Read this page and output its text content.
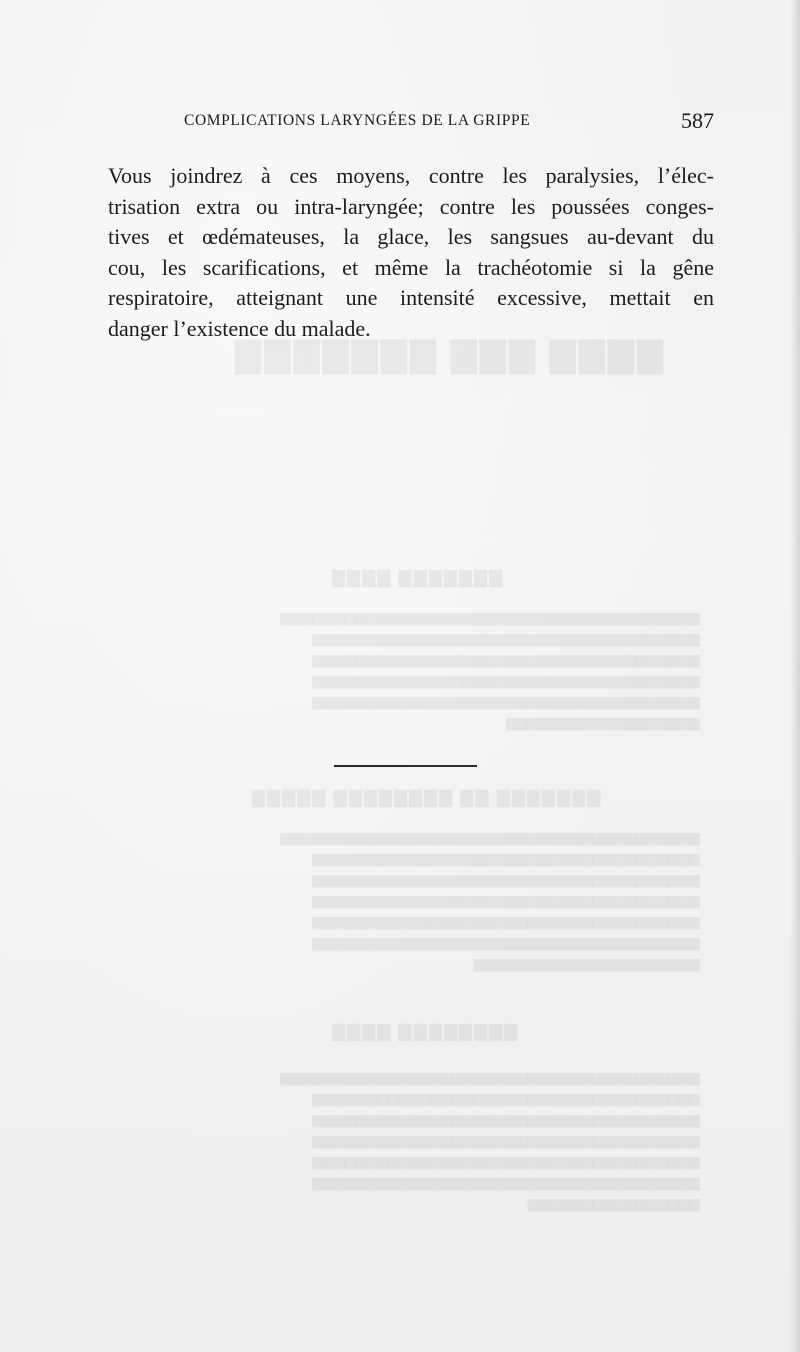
▇▇▇▇ ▇▇▇ ▇▇▇▇▇▇▇
▇▇▇▇▇▇▇ ▇▇▇▇
▆▆▆▆▆▆▆▆▆▆▆▆▆▆▆▆▆▆▆▆▆▆▆▆▆▆▆▆▆▆▆▆▆▆▆▆▆▆▆
▆▆▆▆▆▆▆▆▆▆▆▆▆▆▆▆▆▆▆▆▆▆▆▆▆▆▆▆▆▆▆▆▆▆▆▆
▆▆▆▆▆▆▆▆▆▆▆▆▆▆▆▆▆▆▆▆▆▆▆▆▆▆▆▆▆▆▆▆▆▆▆▆
▆▆▆▆▆▆▆▆▆▆▆▆▆▆▆▆▆▆▆▆▆▆▆▆▆▆▆▆▆▆▆▆▆▆▆▆
▆▆▆▆▆▆▆▆▆▆▆▆▆▆▆▆▆▆▆▆▆▆▆▆▆▆▆▆▆▆▆▆▆▆▆▆
▆▆▆▆▆▆▆▆▆▆▆▆▆▆▆▆▆▆
▇▇▇▇▇▇▇ ▇▇ ▇▇▇▇▇▇▇▇ ▇▇▇▇▇
▆▆▆▆▆▆▆▆▆▆▆▆▆▆▆▆▆▆▆▆▆▆▆▆▆▆▆▆▆▆▆▆▆▆▆▆▆▆▆
▆▆▆▆▆▆▆▆▆▆▆▆▆▆▆▆▆▆▆▆▆▆▆▆▆▆▆▆▆▆▆▆▆▆▆▆
▆▆▆▆▆▆▆▆▆▆▆▆▆▆▆▆▆▆▆▆▆▆▆▆▆▆▆▆▆▆▆▆▆▆▆▆
▆▆▆▆▆▆▆▆▆▆▆▆▆▆▆▆▆▆▆▆▆▆▆▆▆▆▆▆▆▆▆▆▆▆▆▆
▆▆▆▆▆▆▆▆▆▆▆▆▆▆▆▆▆▆▆▆▆▆▆▆▆▆▆▆▆▆▆▆▆▆▆▆
▆▆▆▆▆▆▆▆▆▆▆▆▆▆▆▆▆▆▆▆▆▆▆▆▆▆▆▆▆▆▆▆▆▆▆▆
▆▆▆▆▆▆▆▆▆▆▆▆▆▆▆▆▆▆▆▆▆
▇▇▇▇▇▇▇▇ ▇▇▇▇
▆▆▆▆▆▆▆▆▆▆▆▆▆▆▆▆▆▆▆▆▆▆▆▆▆▆▆▆▆▆▆▆▆▆▆▆▆▆▆
▆▆▆▆▆▆▆▆▆▆▆▆▆▆▆▆▆▆▆▆▆▆▆▆▆▆▆▆▆▆▆▆▆▆▆▆
▆▆▆▆▆▆▆▆▆▆▆▆▆▆▆▆▆▆▆▆▆▆▆▆▆▆▆▆▆▆▆▆▆▆▆▆
▆▆▆▆▆▆▆▆▆▆▆▆▆▆▆▆▆▆▆▆▆▆▆▆▆▆▆▆▆▆▆▆▆▆▆▆
▆▆▆▆▆▆▆▆▆▆▆▆▆▆▆▆▆▆▆▆▆▆▆▆▆▆▆▆▆▆▆▆▆▆▆▆
▆▆▆▆▆▆▆▆▆▆▆▆▆▆▆▆▆▆▆▆▆▆▆▆▆▆▆▆▆▆▆▆▆▆▆▆
▆▆▆▆▆▆▆▆▆▆▆▆▆▆▆▆
COMPLICATIONS LARYNGÉES DE LA GRIPPE	587
Vous joindrez à ces moyens, contre les paralysies, l’élec-
trisation extra ou intra-laryngée; contre les poussées conges-
tives et œdémateuses, la glace, les sangsues au-devant du
cou, les scarifications, et même la trachéotomie si la gêne
respiratoire, atteignant une intensité excessive, mettait en
danger l’existence du malade.
